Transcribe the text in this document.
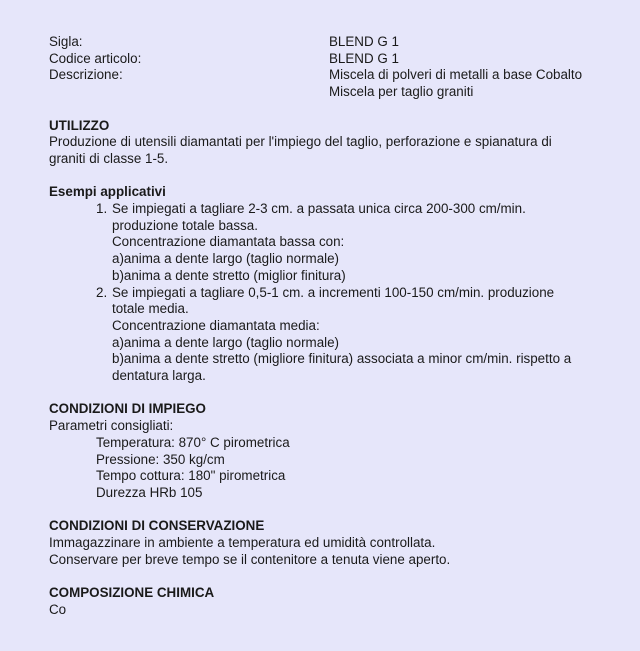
Sigla:	BLEND G 1
Codice articolo:	BLEND G 1
Descrizione:	Miscela di polveri di metalli a base Cobalto
Miscela per taglio graniti
UTILIZZO
Produzione di utensili diamantati per l'impiego del taglio, perforazione e spianatura di
graniti di classe 1-5.
Esempi applicativi
1. Se impiegati a tagliare 2-3 cm. a passata unica circa 200-300 cm/min.
produzione totale bassa.
Concentrazione diamantata bassa con:
a)anima a dente largo (taglio normale)
b)anima a dente stretto (miglior finitura)
2. Se impiegati a tagliare 0,5-1 cm. a incrementi 100-150 cm/min. produzione
totale media.
Concentrazione diamantata media:
a)anima a dente largo (taglio normale)
b)anima a dente stretto (migliore finitura) associata a minor cm/min. rispetto a
dentatura larga.
CONDIZIONI DI IMPIEGO
Parametri consigliati:
Temperatura: 870° C pirometrica
Pressione: 350 kg/cm
Tempo cottura: 180" pirometrica
Durezza HRb 105
CONDIZIONI DI CONSERVAZIONE
Immagazzinare in ambiente a temperatura ed umidità controllata.
Conservare per breve tempo se il contenitore a tenuta viene aperto.
COMPOSIZIONE CHIMICA
Co
